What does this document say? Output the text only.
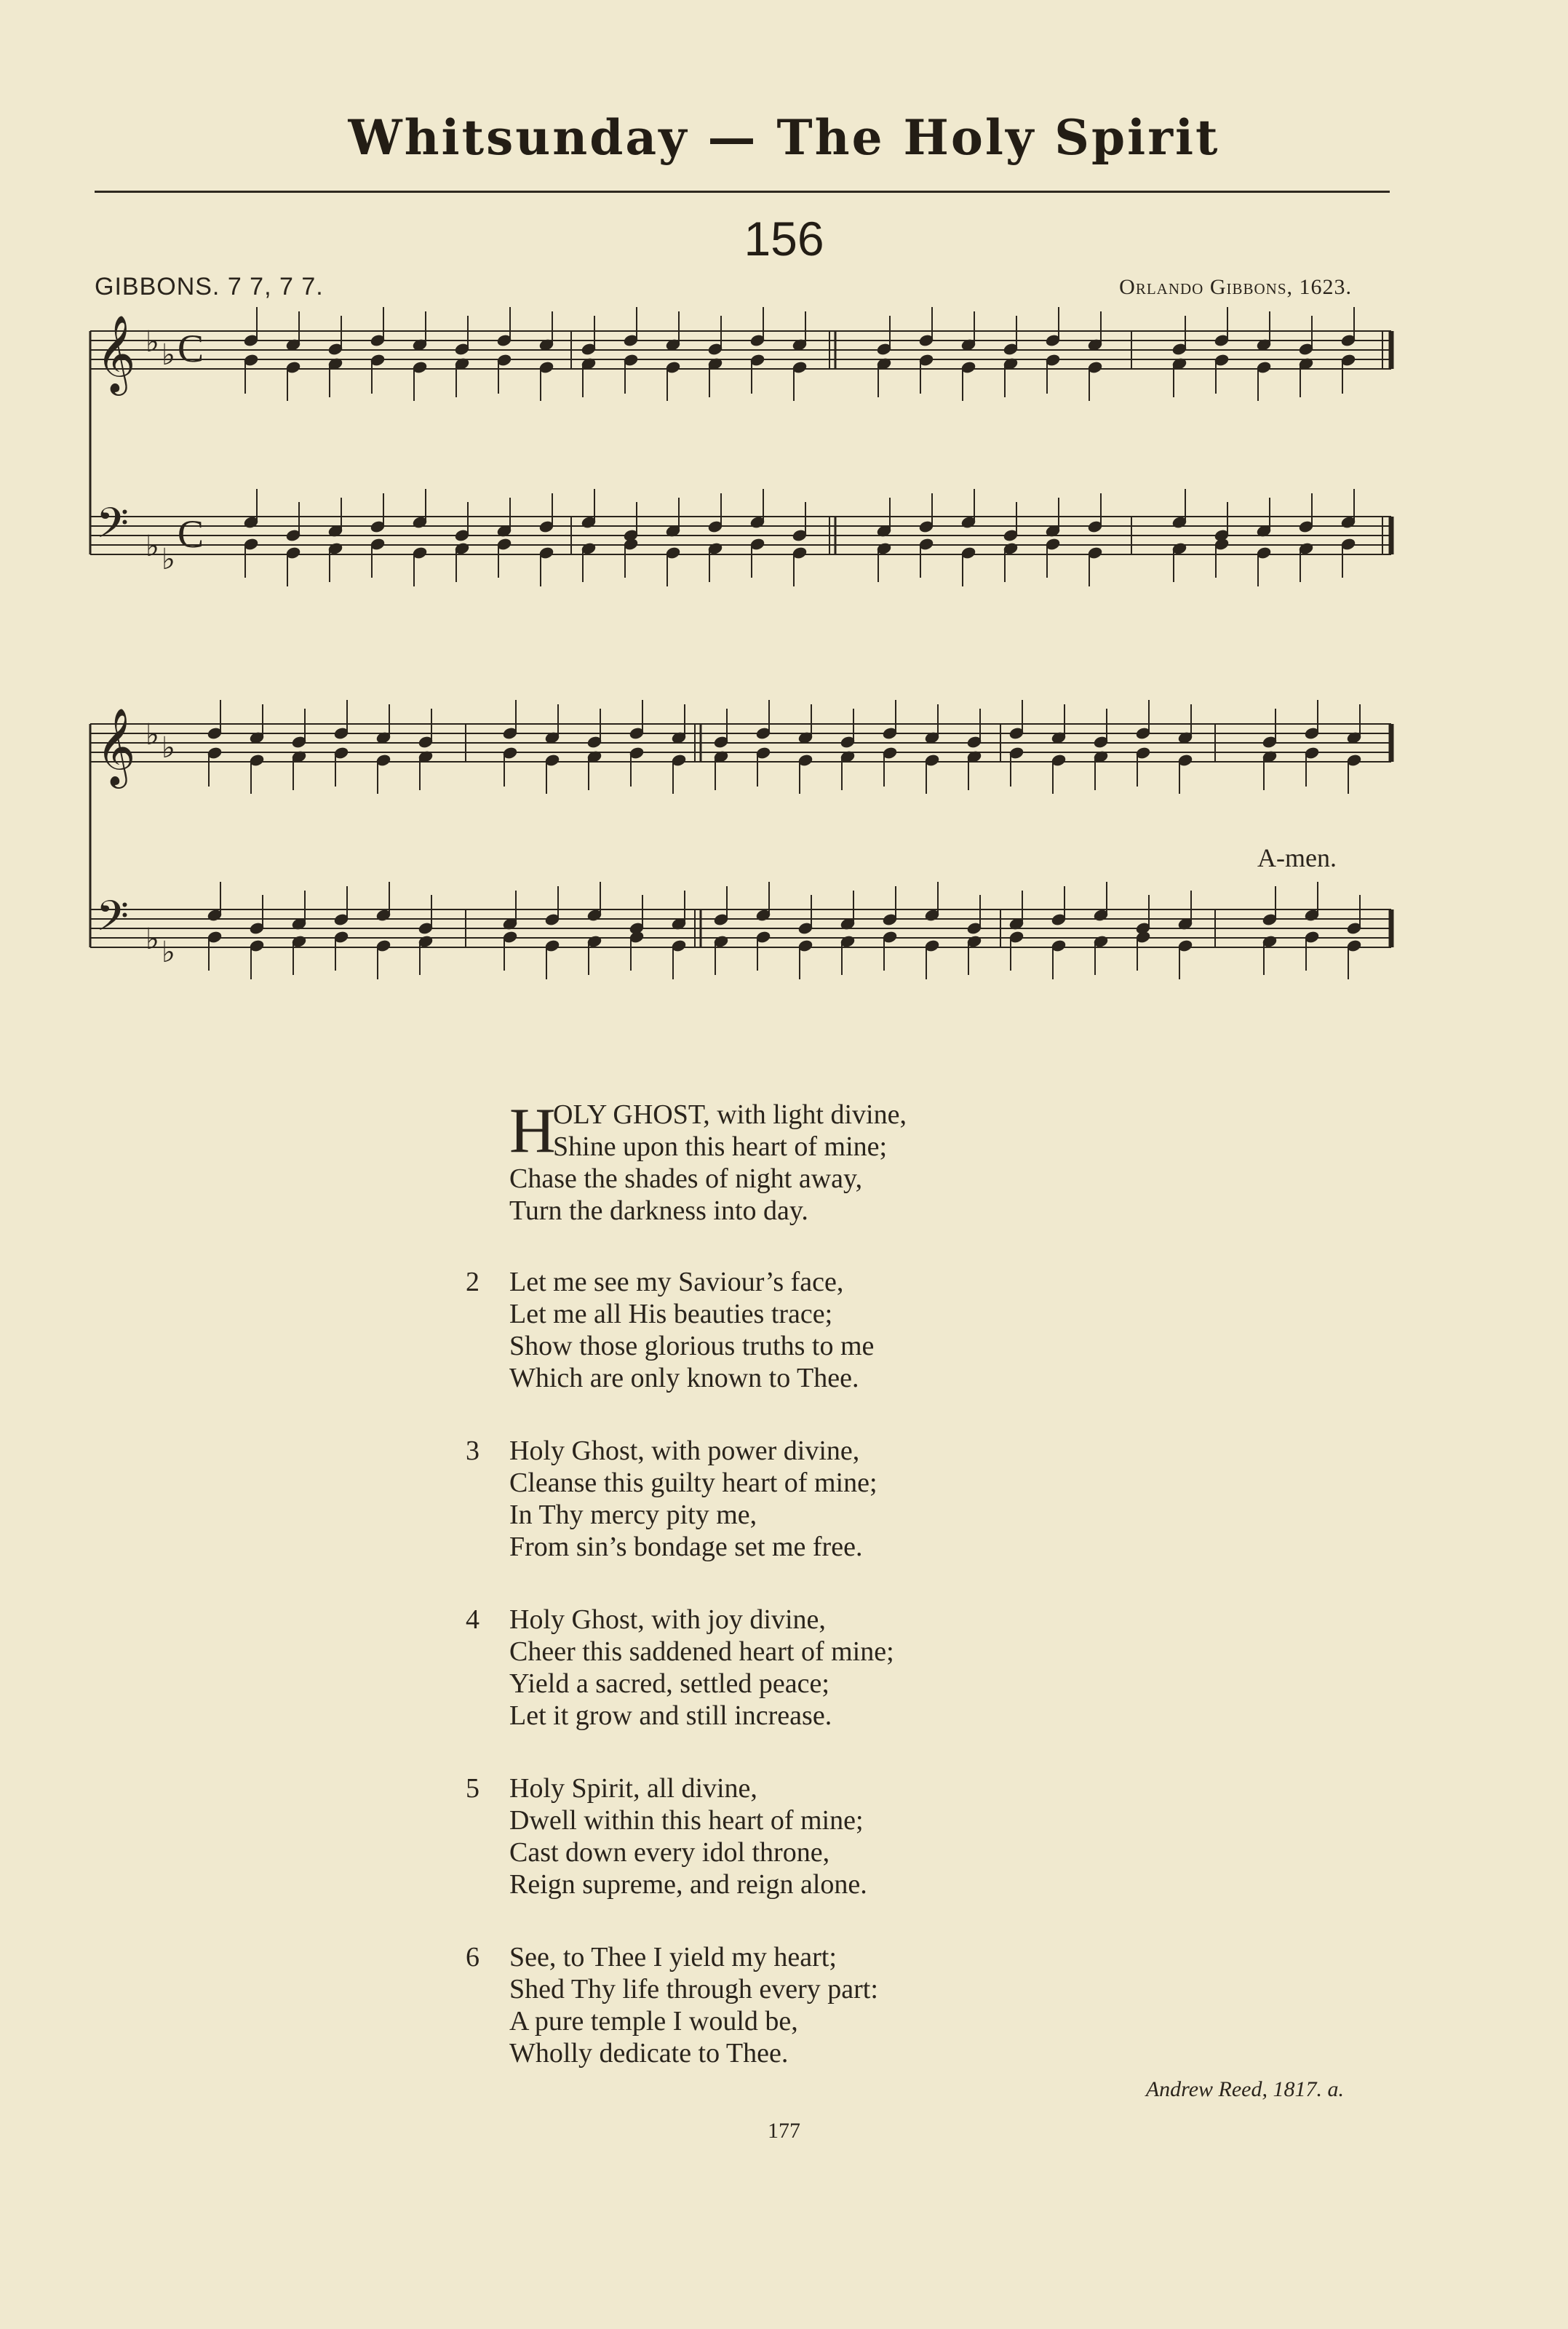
Whitsunday — The Holy Spirit
156
GIBBONS. 7 7, 7 7.	Orlando Gibbons, 1623.
𝄞
𝄢
♭ ♭
♭ ♭
C
C
𝄞
𝄢
♭ ♭
♭ ♭
A-men.
H
OLY GHOST, with light divine,
Shine upon this heart of mine;
Chase the shades of night away,
Turn the darkness into day.
2 Let me see my Saviour’s face,
Let me all His beauties trace;
Show those glorious truths to me
Which are only known to Thee.
3 Holy Ghost, with power divine,
Cleanse this guilty heart of mine;
In Thy mercy pity me,
From sin’s bondage set me free.
4 Holy Ghost, with joy divine,
Cheer this saddened heart of mine;
Yield a sacred, settled peace;
Let it grow and still increase.
5 Holy Spirit, all divine,
Dwell within this heart of mine;
Cast down every idol throne,
Reign supreme, and reign alone.
6 See, to Thee I yield my heart;
Shed Thy life through every part:
A pure temple I would be,
Wholly dedicate to Thee.
Andrew Reed, 1817. a.
177
